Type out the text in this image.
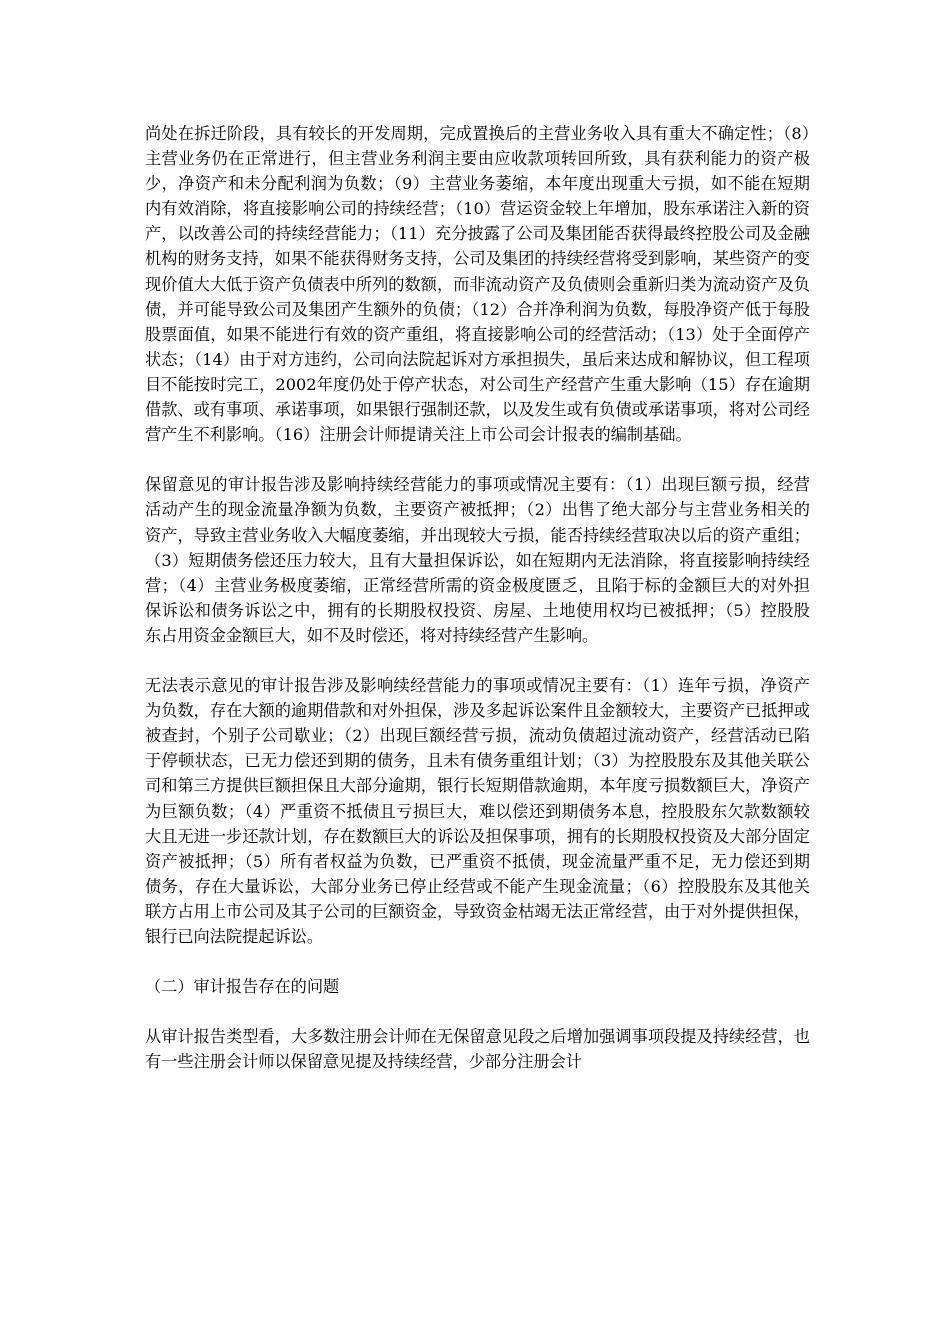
尚处在拆迁阶段，具有较长的开发周期，完成置换后的主营业务收入具有重大不确定性；（8）主营业务仍在正常进行，但主营业务利润主要由应收款项转回所致，具有获利能力的资产极少，净资产和未分配利润为负数；（9）主营业务萎缩，本年度出现重大亏损，如不能在短期内有效消除，将直接影响公司的持续经营；（10）营运资金较上年增加，股东承诺注入新的资产，以改善公司的持续经营能力；（11）充分披露了公司及集团能否获得最终控股公司及金融机构的财务支持，如果不能获得财务支持，公司及集团的持续经营将受到影响，某些资产的变现价值大大低于资产负债表中所列的数额，而非流动资产及负债则会重新归类为流动资产及负债，并可能导致公司及集团产生额外的负债；（12）合并净利润为负数，每股净资产低于每股股票面值，如果不能进行有效的资产重组，将直接影响公司的经营活动；（13）处于全面停产状态；（14）由于对方违约，公司向法院起诉对方承担损失，虽后来达成和解协议，但工程项目不能按时完工，2002年度仍处于停产状态，对公司生产经营产生重大影响（15）存在逾期借款、或有事项、承诺事项，如果银行强制还款，以及发生或有负债或承诺事项，将对公司经营产生不利影响。（16）注册会计师提请关注上市公司会计报表的编制基础。

保留意见的审计报告涉及影响持续经营能力的事项或情况主要有：（1）出现巨额亏损，经营活动产生的现金流量净额为负数，主要资产被抵押；（2）出售了绝大部分与主营业务相关的资产，导致主营业务收入大幅度萎缩，并出现较大亏损，能否持续经营取决以后的资产重组；（3）短期债务偿还压力较大，且有大量担保诉讼，如在短期内无法消除，将直接影响持续经营；（4）主营业务极度萎缩，正常经营所需的资金极度匮乏，且陷于标的金额巨大的对外担保诉讼和债务诉讼之中，拥有的长期股权投资、房屋、土地使用权均已被抵押；（5）控股股东占用资金金额巨大，如不及时偿还，将对持续经营产生影响。

无法表示意见的审计报告涉及影响续经营能力的事项或情况主要有：（1）连年亏损，净资产为负数，存在大额的逾期借款和对外担保，涉及多起诉讼案件且金额较大，主要资产已抵押或被查封，个别子公司歇业；（2）出现巨额经营亏损，流动负债超过流动资产，经营活动已陷于停顿状态，已无力偿还到期的债务，且未有债务重组计划；（3）为控股股东及其他关联公司和第三方提供巨额担保且大部分逾期，银行长短期借款逾期，本年度亏损数额巨大，净资产为巨额负数；（4）严重资不抵债且亏损巨大，难以偿还到期债务本息，控股股东欠款数额较大且无进一步还款计划，存在数额巨大的诉讼及担保事项，拥有的长期股权投资及大部分固定资产被抵押；（5）所有者权益为负数，已严重资不抵债，现金流量严重不足，无力偿还到期债务，存在大量诉讼，大部分业务已停止经营或不能产生现金流量；（6）控股股东及其他关联方占用上市公司及其子公司的巨额资金，导致资金枯竭无法正常经营，由于对外提供担保，银行已向法院提起诉讼。

（二）审计报告存在的问题

从审计报告类型看，大多数注册会计师在无保留意见段之后增加强调事项段提及持续经营，也有一些注册会计师以保留意见提及持续经营，少部分注册会计
